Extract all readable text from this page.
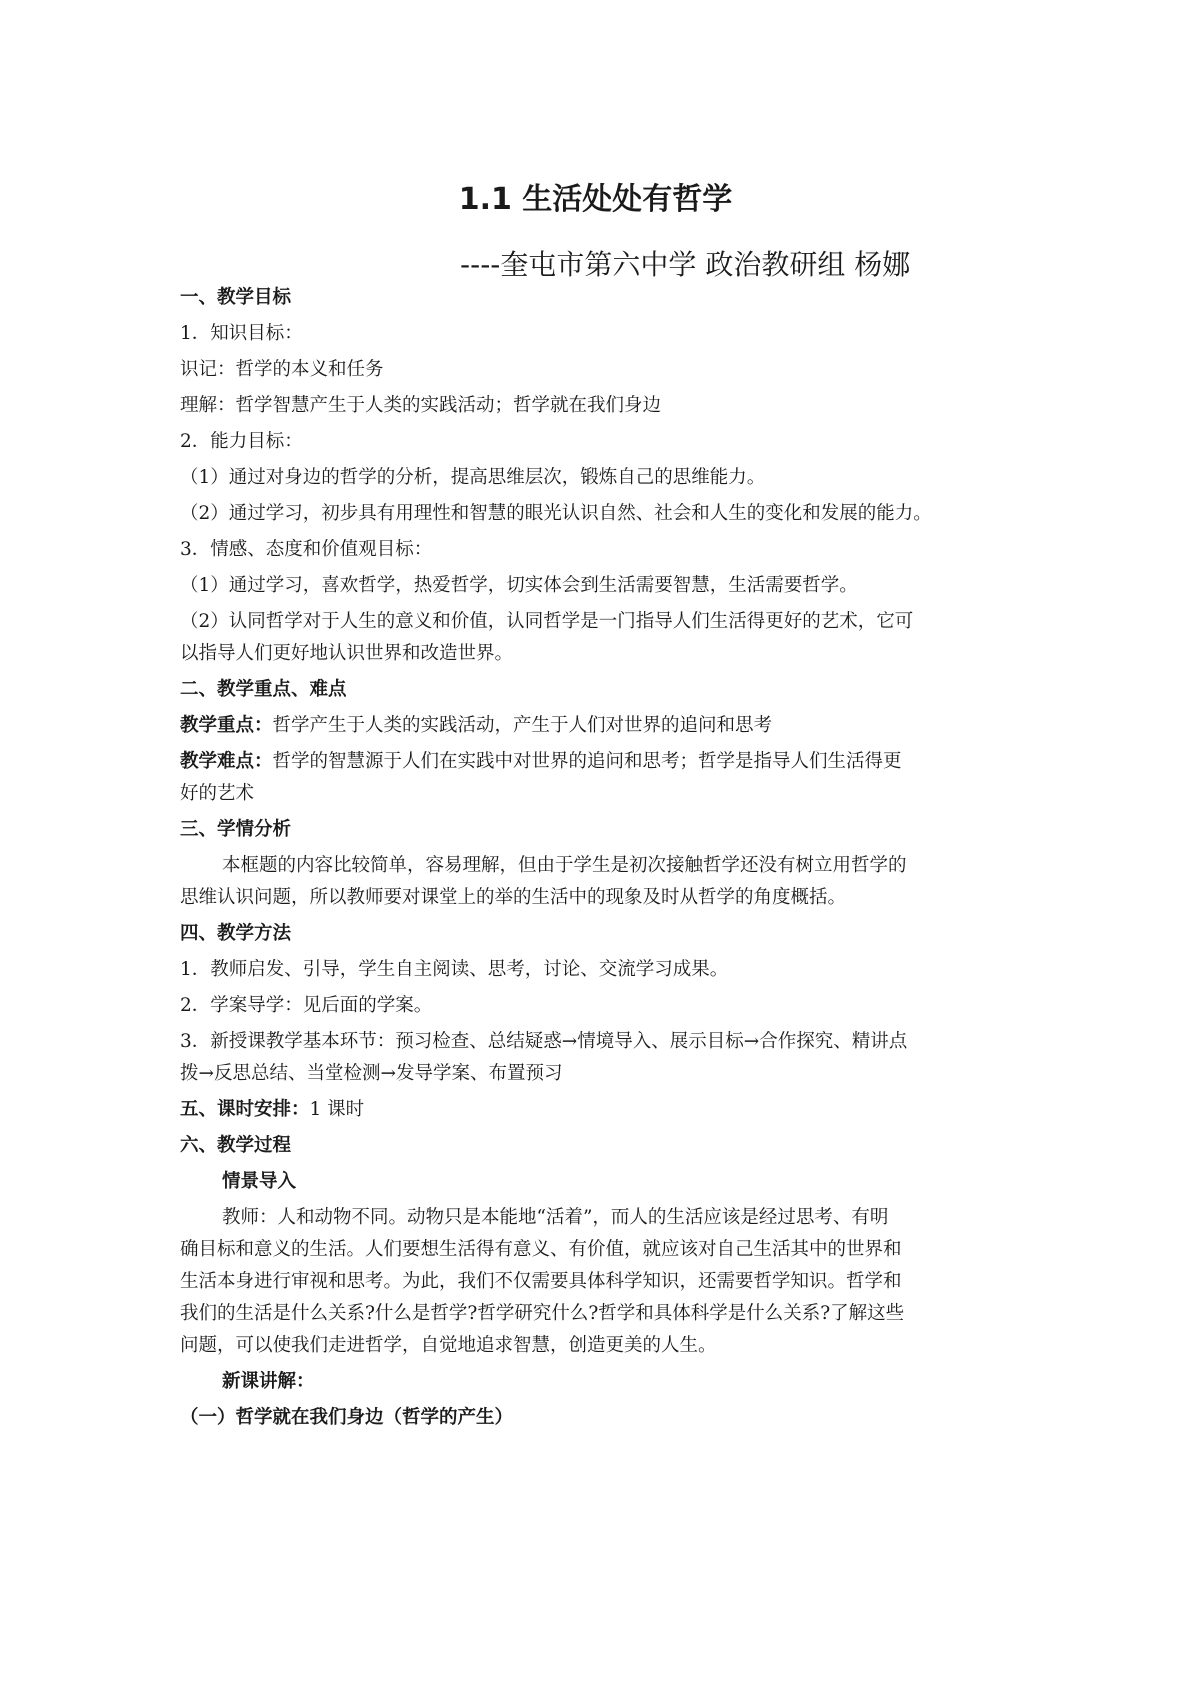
1.1 生活处处有哲学
----奎屯市第六中学 政治教研组 杨娜
一、教学目标
1．知识目标：
识记：哲学的本义和任务
理解：哲学智慧产生于人类的实践活动；哲学就在我们身边
2．能力目标：
（1）通过对身边的哲学的分析，提高思维层次，锻炼自己的思维能力。
（2）通过学习，初步具有用理性和智慧的眼光认识自然、社会和人生的变化和发展的能力。
3．情感、态度和价值观目标：
（1）通过学习，喜欢哲学，热爱哲学，切实体会到生活需要智慧，生活需要哲学。
（2）认同哲学对于人生的意义和价值，认同哲学是一门指导人们生活得更好的艺术，它可
以指导人们更好地认识世界和改造世界。
二、教学重点、难点
教学重点：哲学产生于人类的实践活动，产生于人们对世界的追问和思考
教学难点：哲学的智慧源于人们在实践中对世界的追问和思考；哲学是指导人们生活得更
好的艺术
三、学情分析
本框题的内容比较简单，容易理解，但由于学生是初次接触哲学还没有树立用哲学的
思维认识问题，所以教师要对课堂上的举的生活中的现象及时从哲学的角度概括。
四、教学方法
1．教师启发、引导，学生自主阅读、思考，讨论、交流学习成果。
2．学案导学：见后面的学案。
3．新授课教学基本环节：预习检查、总结疑惑→情境导入、展示目标→合作探究、精讲点
拨→反思总结、当堂检测→发导学案、布置预习
五、课时安排：1 课时
六、教学过程
情景导入
教师：人和动物不同。动物只是本能地“活着”，而人的生活应该是经过思考、有明
确目标和意义的生活。人们要想生活得有意义、有价值，就应该对自己生活其中的世界和
生活本身进行审视和思考。为此，我们不仅需要具体科学知识，还需要哲学知识。哲学和
我们的生活是什么关系?什么是哲学?哲学研究什么?哲学和具体科学是什么关系?了解这些
问题，可以使我们走进哲学，自觉地追求智慧，创造更美的人生。
新课讲解：
（一）哲学就在我们身边（哲学的产生）
